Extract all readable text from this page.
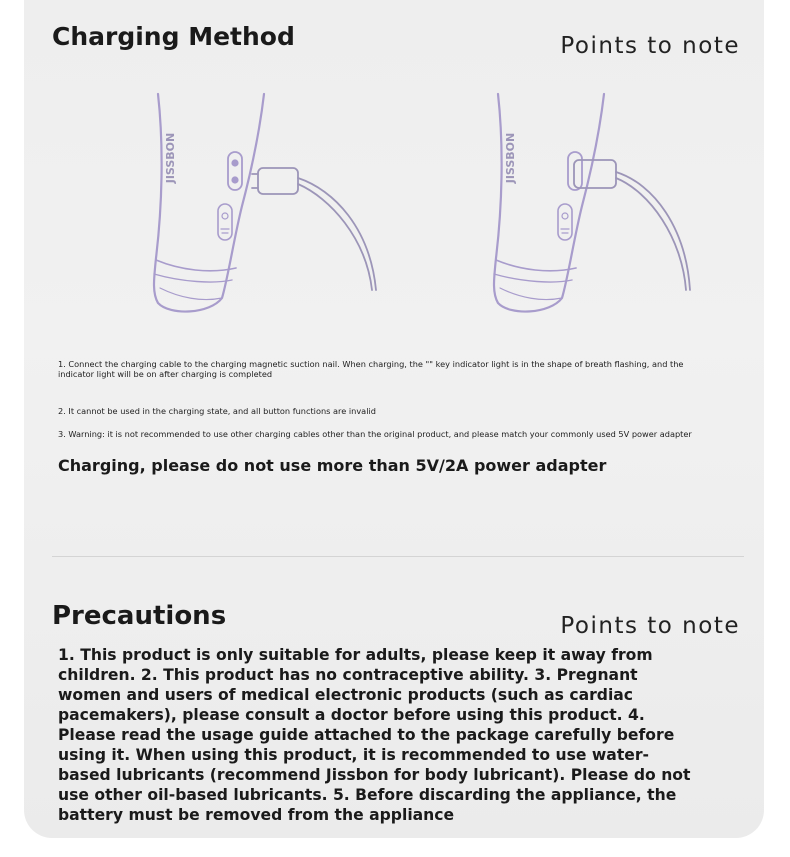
Charging Method	Points to note
JISSBON	JISSBON
1. Connect the charging cable to the charging magnetic suction nail. When charging, the "" key indicator light is in the shape of breath flashing, and the indicator light will be on after charging is completed
2. It cannot be used in the charging state, and all button functions are invalid
3. Warning: it is not recommended to use other charging cables other than the original product, and please match your commonly used 5V power adapter
Charging, please do not use more than 5V/2A power adapter
Precautions	Points to note
1. This product is only suitable for adults, please keep it away from children. 2. This product has no contraceptive ability. 3. Pregnant women and users of medical electronic products (such as cardiac pacemakers), please consult a doctor before using this product. 4. Please read the usage guide attached to the package carefully before using it. When using this product, it is recommended to use water-based lubricants (recommend Jissbon for body lubricant). Please do not use other oil-based lubricants. 5. Before discarding the appliance, the battery must be removed from the appliance
